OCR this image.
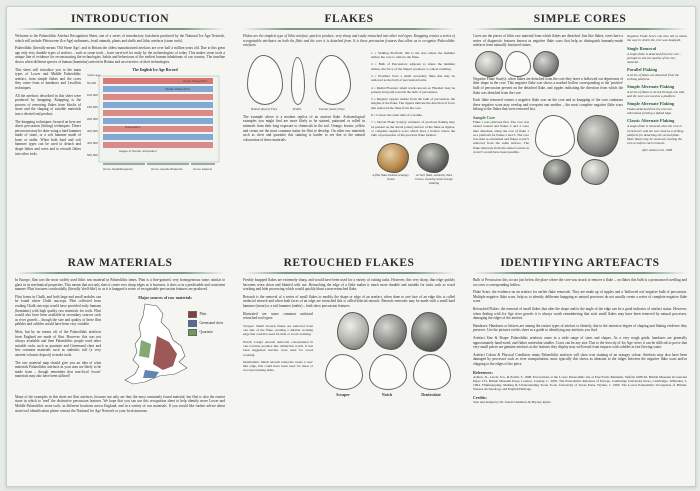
INTRODUCTION

Welcome to the Palaeolithic Artefact Recognition Sheet, one of a series of introductory factsheets produced by the National Ice Age Network, which will include Pleistocene (Ice Age) sediments, fossil animals, plants and shells and lithic artefacts (stone tools).

Palaeolithic (literally means 'Old Stone Age', and in Britain the oldest manufactured artefacts are over half a million years old. Due to this great age only very durable types of artefact – such as stone tools – have survived for study by the archaeologists of today. This makes stone tools a unique line of evidence for reconstructing the technologies, habits and behaviours of the earliest human inhabitants of our country. The timeline shows when different species of human (hominins) arrived in Britain and an overview of their technologies.

This sheet will introduce you to the main types of Lower and Middle Palaeolithic artefact, from simple flakes and the cores they come from to handaxes and Levallois techniques.

All the artefacts described in this sheet were produced by knapping. Knapping is the process of removing flakes from blocks of stone and the shaping of suitable materials into a desired end product.

The knapping techniques focused on here are direct percussion (hitting) techniques. Direct percussion may be done using a hard hammer made of stone, or a soft hammer made of bone or antler. When both hard and soft hammer types can be used to detach and shape flakes and cores and to retouch flakes into other tools.

The English Ice Age Record
Years ago
50,000
100,000
150,000
200,000
300,000
400,000
500,000
Palaeolithic
Middle Palaeolithic
Upper Palaeolithic
stages of human occupation
Homo heidelbergensis	Homo neanderthalensis	Homo sapiens
FLAKES

Flakes are the simplest type of lithic artefact; quick to produce, very sharp and easily retouched into other tool types. Knapping creates a series of recognisable attributes on both the flake and the core it is detached from. It is these percussion features that allow us to recognise Palaeolithic artefacts.

Ventral (lower) Face	Profile	Dorsal (outer) Face

The example above is a modern replica of an ancient flake. Archaeological examples you might find are more likely to be stained, patinated or rolled in minerals from their long exposure to chemicals in the soil. Orange, brown, yellow and cream are the most common stains for flint to develop. On other raw materials such as chert and quartzite this staining is harder to see due to the natural colouration of these materials.

1 = Striking Platform: this is the area where the hammer strikes the core to remove the flake.

2 = Bulb of Percussion: adjacent to where the hammer strikes, the force of the impact produces a conical swelling.

3 = Eraillure Scar: a small secondary flake that may be removed as the bulb of percussion forms.

4 = Radial Fissures: small cracks known as 'Hackles' may be present and point towards the bulb of percussion.

5 = Ripples: ripples radiate from the bulb of percussion, the lengths of the flake. The ripples indicate the direction of force that removed the flake from the core.

6 = Cortex: the outer skin of a nodule.

7 = Dorsal Flake Scar(s): evidence of previous flaking may be present on the dorsal (outer) surface of the flake as ripples, or complete negative scars which have a hollow where the bulb of percussion of the previous flake formed.

A flint flake stained orangey-brown
A chert flake, naturally dark brown, showing some orange staining
SIMPLE CORES

Cores are the pieces of lithic raw material from which flakes are detached. Just like flakes, cores have a series of diagnostic features known as negative flake scars that help us distinguish humanly-made artefacts from naturally fractured stones.

Negative Flake Scar(s): when flakes are detached from the core they leave a hollowed out depression of their shape in the core. This negative flake scar shows a marked hollow corresponding to the 'positive' bulb of percussion present on the detached flake, and ripples indicating the direction from which the flake was detached from the core.

Each flake removed creates a negative flake scar on the core and as knapping of the core continues these negative scars may overlap and overprint one another – the most complete negative flake scars belong to the flakes that were removed last.

Sample Core

Flake 1 was removed first. The core was turned around and flakes 2 and 3 were then detached, using the scar of flake 1 as a platform for flakes 2 and 3. The core was then re-orientated and flakes 4 and 5 removed from the same surface. The flake removals from the same location as 4 and 5 would have been possible.

Negative Flake Scars can also tell us about the way in which the core was knapped.

Single Removal
A single flake is detached from the core – perhaps to test the quality of the raw material.
Parallel Flaking
A series of flakes are detached from the striking platform.
Simple Alternate Flaking
A series of flakes is struck through one side, and the scars are used as a platform.
Simple Alternate Flaking
Flakes detached from the core are alternated, forming a flaked edge.
Classic Alternate Flaking
A single flake is removed, then the core is turned over and the scar used as a striking platform for detaching the second flake. More flakes may be removed, rotating the core as before each removal.
after Ashton et al. 1998
RAW MATERIALS

In Europe, flint was the most widely used lithic raw material in Palaeolithic times. Flint is a fine-grained, very homogeneous stone, similar to glass in its mechanical properties. This means that not only does it create very sharp edges as it fractures, it does so in a predictable and consistent manner. Flint fractures conchoidally (literally 'shell-like') so as it is knapped a series of recognisable percussion features are produced.

Flint forms in Chalk, and both large and small nodules can be found where Chalk outcrops. Flint collected from eroding Chalk outcrops would have provided early humans (hominins) with high quality raw materials for tools. Flint would also have been available in secondary sources such as river gravels – though the size and quality of these flint pebbles and cobbles would have been very variable.

Most, but by no means all, of the Palaeolithic artefacts from England are made of flint. However, this was not always available and then Palaeolithic people used other suitable rocks such as quartzite and Greensand chert and less common materials such as andesitic tuff (a very ancient volcanic deposit) to make tools.

The raw material map should give you an idea of what materials Palaeolithic artefacts in your area are likely to be made from – though remember that non-local 'exotic' materials may also have been utilised!

Major sources of raw materials
Flint
Greensand chert
Quartzite

Many of the examples in this sheet are flint artefacts, because not only are they the most commonly found material, but flint is also the easiest stone in which to 'read' the distinctive percussion features. We hope that you can use this recognition sheet to help identify more Lower and Middle Palaeolithic stone tools, in different locations across England, and in a variety of raw materials. If you would like further advice about stone tool identification please contact the National Ice Age Network or your local museum.

RETOUCHED FLAKES

Freshly knapped flakes are extremely sharp, and would have been used for a variety of cutting tasks. However, this very sharp, thin edge quickly becomes worn down and blunted with use. Retouching the edge of a flake makes it much more durable and suitable for tasks such as wood working and hide processing which would quickly blunt a non-retouched flake.

Retouch is the removal of a series of small flakes to modify the shape or edge of an artefact, when done to one face of an edge this is called unifacial retouch and when both faces of an edge are retouched this is called bifacial retouch. Retouch removals may be made with a small hard hammer (stone) or a soft hammer (antler) – both show percussion features.

Illustrated are some common unifacial retouched tool types:

Scraper: Small retouch flakes are removed from one side of the flake, creating a durable working edge that could be used for hide or wood working.

Notch: Larger retouch removals concentrated in one location produce this distinctive notch. It has been suggested notches were used for wood working.

Denticulate: Small retouch removals create a 'saw' like edge, this could have been used for meat or wood processing tasks.

Scraper	Notch	Denticulate
IDENTIFYING ARTEFACTS

Bulb of Percussion: this occurs just below the place where the core was struck to remove a flake – on flakes this bulb is a pronounced swelling and on cores a corresponding hollow.

Flake Scars: the evidence on an artefact for earlier flake removals. They are made up of ripples and a 'hollowed out' negative bulb of percussion. Multiple negative flake scars, help us to identify deliberate knapping as natural processes do not usually create a series of complete negative flake scars.

Retouched Flakes: the removal of small flakes that alter the shape and/or the angle of the edge can be a good indicator of artefact status. However, when dealing with Ice Age river gravels it is always worth remembering that such small flakes may have been removed by natural processes, damaging the edges of the artefact.

Handaxes: Handaxes or bifaces are among the easiest types of artefact to identify, due to the intensive degree of shaping and flaking evidence they preserve. Use the pictures on this sheet as a guide to identifying any artefacts you find.

Artefact Size & Shape: Palaeolithic artefacts come in a wide range of sizes and shapes. As a very rough guide, handaxes are generally approximately hand-sized, and flakes somewhat smaller. Cores can be any size. Due to the ferocity of Ice Age rivers it can be difficult to prove that very small pieces are genuine artefacts as the features they display may well result from impacts with cobbles in fast flowing water.

Artefact Colour & Physical Condition: many Palaeolithic artefacts will show iron staining of an orangey colour. Artefacts may also have been damaged by processes such as river transportation; most typically this shows as abrasion to the ridges between the negative flake scars and/or chipping to the edges of the piece.

References:

Ashton, N., Lewis, S.G. & Parfitt, S. 1998. Excavations at the Lower Palaeolithic site at East Farm, Barnham, Suffolk 1989-94. British Museum Occasional Paper 125, British Museum Press, London. Cassidy, C. 2005. The Palaeolithic Relatives of Europe. Cambridge University Press, Cambridge. Whittaker, J. 1994. Flintknapping: Making & Understanding Stone Tools. University of Texas Press. Wymer, J. 1999. The Lower Palaeolithic Occupation of Britain. Wessex Archaeology and English Heritage.

Credits:

Text and design by Dr. Jonati Chambers & Bryony Ryder
